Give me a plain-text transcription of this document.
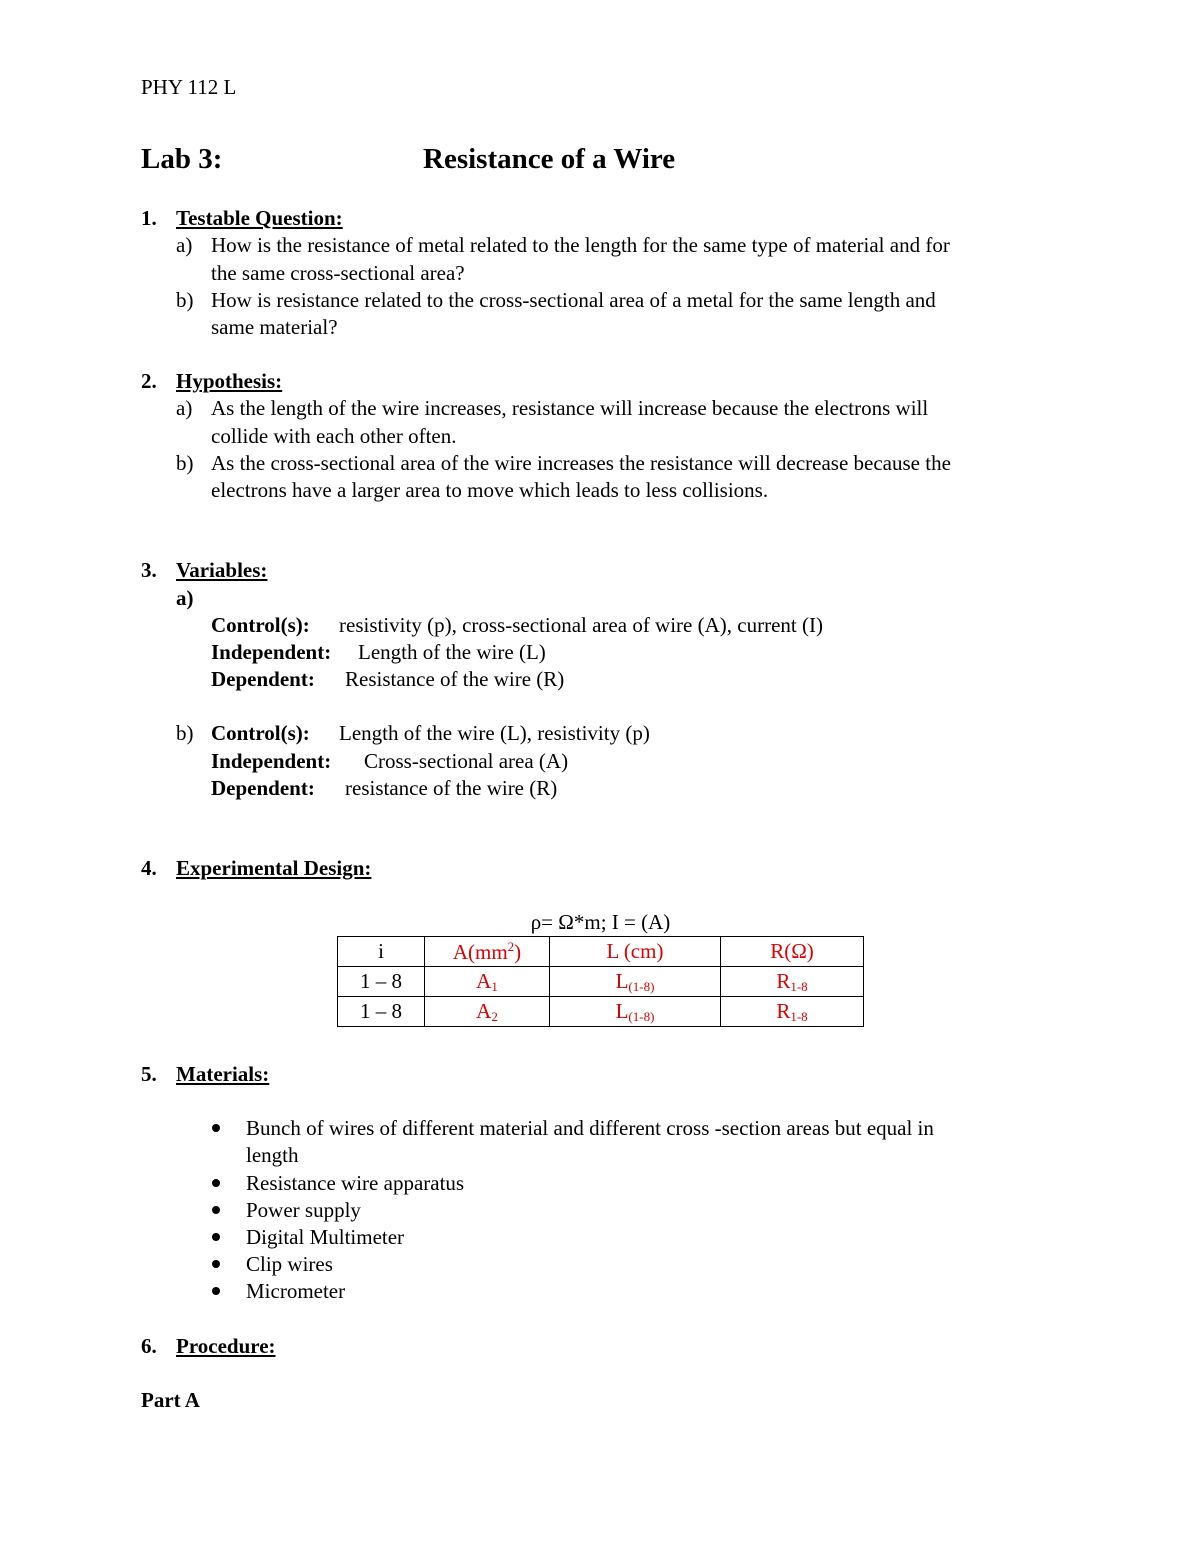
PHY 112 L
Lab 3:	Resistance of a Wire
1. Testable Question:
a) How is the resistance of metal related to the length for the same type of material and for
the same cross-sectional area?
b) How is resistance related to the cross-sectional area of a metal for the same length and
same material?
2. Hypothesis:
a) As the length of the wire increases, resistance will increase because the electrons will
collide with each other often.
b) As the cross-sectional area of the wire increases the resistance will decrease because the
electrons have a larger area to move which leads to less collisions.
3. Variables:
a)
Control(s): resistivity (p), cross-sectional area of wire (A), current (I)
Independent: Length of the wire (L)
Dependent: Resistance of the wire (R)
b) Control(s): Length of the wire (L), resistivity (p)
Independent: Cross-sectional area (A)
Dependent: resistance of the wire (R)
4. Experimental Design:
ρ= Ω*m; I = (A)
i	$A(mm^2)$	L (cm)	R(Ω)
1 – 8	$A_1$	$L_{(1-8)}$	$R_{1-8}$
1 – 8	$A_2$	$L_{(1-8)}$	$R_{1-8}$
5. Materials:
Bunch of wires of different material and different cross -section areas but equal in
length
Resistance wire apparatus
Power supply
Digital Multimeter
Clip wires
Micrometer
6. Procedure:
Part A
